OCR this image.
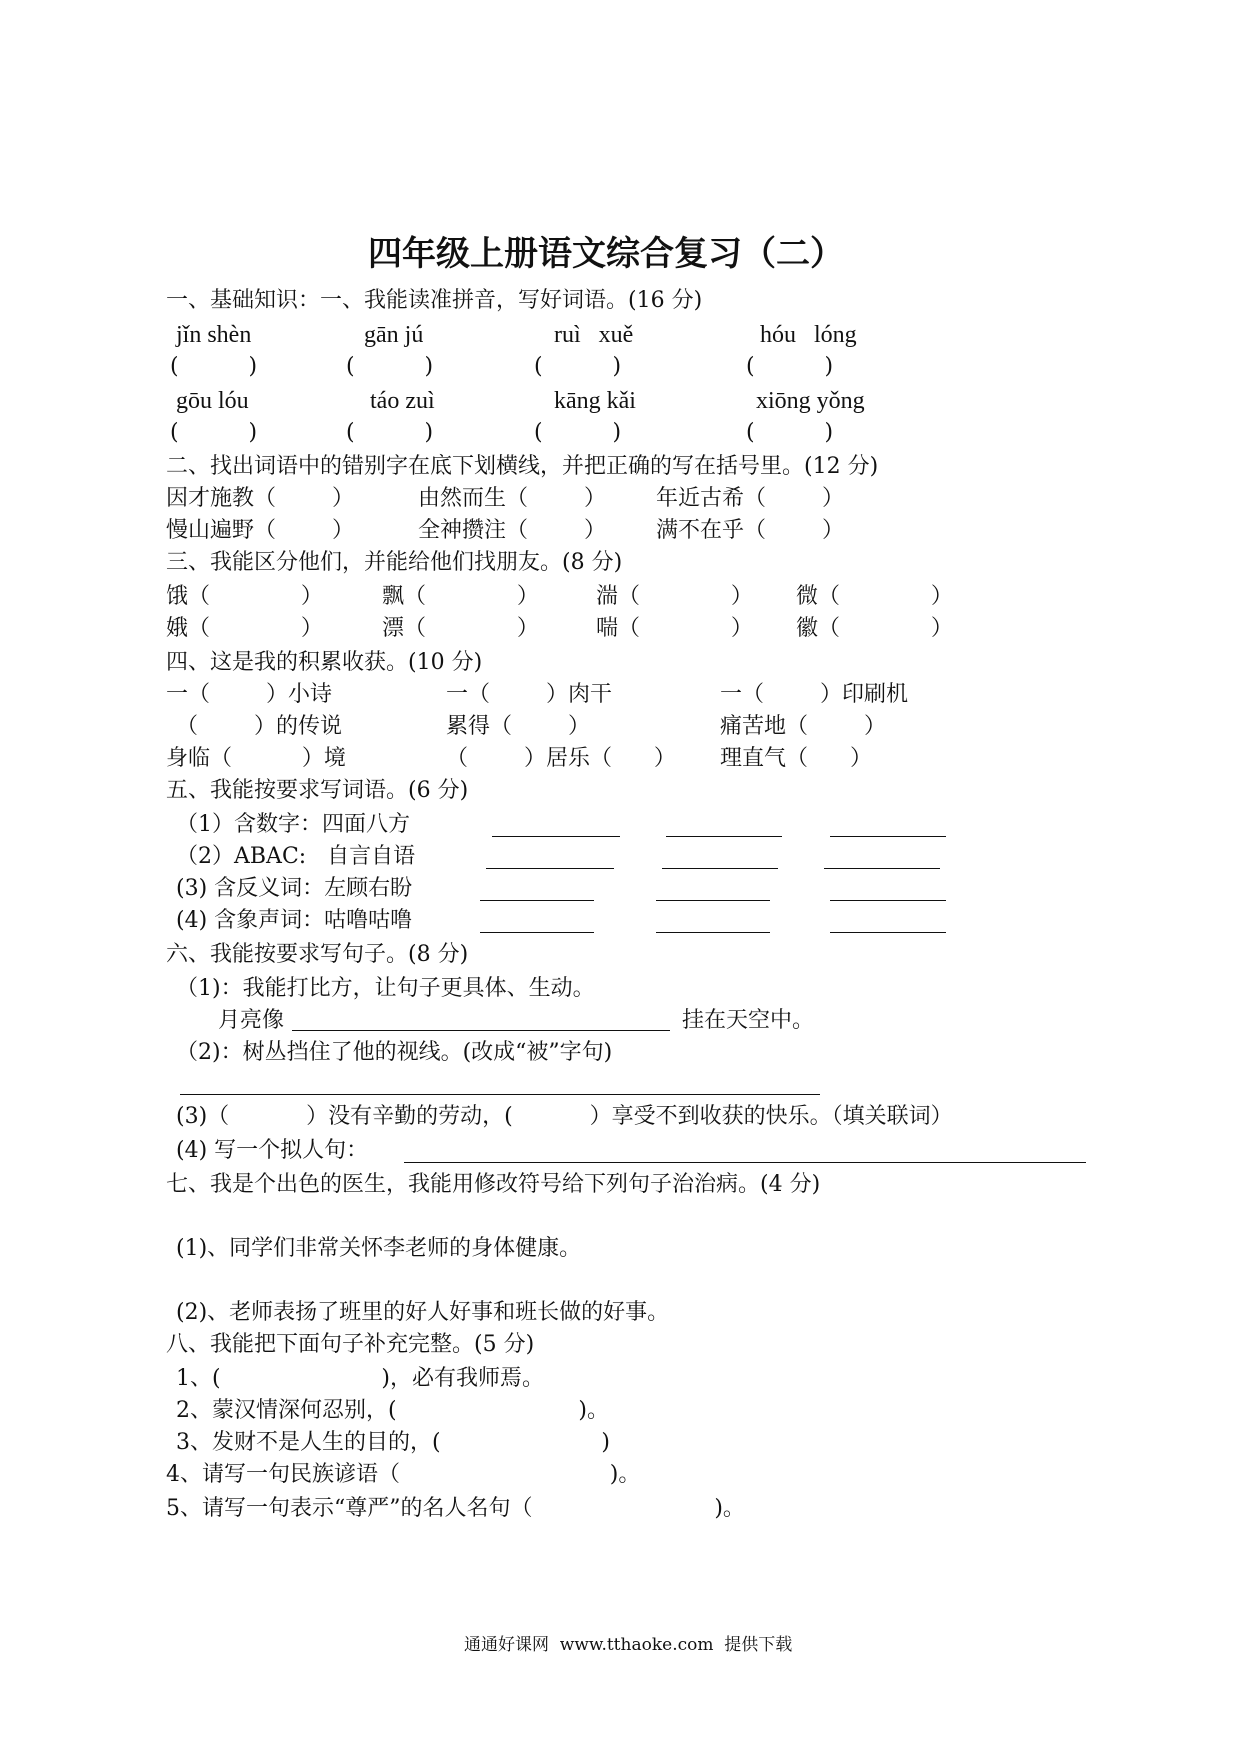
四年级上册语文综合复习（二）
一、基础知识：一、我能读准拼音，写好词语。(16 分)
jǐn shèn	gān jú	ruì   xuě	hóu   lóng
(          )	(          )	(          )	(          )
gōu lóu	táo zuì	kāng kǎi	xiōng yǒng
(          )	(          )	(          )	(          )
二、找出词语中的错别字在底下划横线，并把正确的写在括号里。(12 分)
因才施教（        ）	由然而生（        ） 年近古希（        ）
慢山遍野（        ）	全神攒注（        ） 满不在乎（        ）
三、我能区分他们，并能给他们找朋友。(8 分)
饿（             ）	飘（             ）	湍（             ） 微（             ）
娥（             ）	漂（             ）	喘（             ） 徽（             ）
四、这是我的积累收获。(10 分)
一（        ）小诗	一（        ）肉干	一（        ）印刷机
（        ）的传说	累得（        ）	痛苦地（        ）
身临（          ）境	（        ）居乐（      ） 理直气（      ）
五、我能按要求写词语。(6 分)
（1）含数字：四面八方
（2）ABAC:   自言自语
(3) 含反义词：左顾右盼
(4) 含象声词：咕噜咕噜
六、我能按要求写句子。(8 分)
（1)：我能打比方，让句子更具体、生动。
月亮像	挂在天空中。
（2)：树丛挡住了他的视线。(改成“被”字句)
(3)（           ）没有辛勤的劳动，(           ）享受不到收获的快乐。（填关联词）
(4) 写一个拟人句：
七、我是个出色的医生，我能用修改符号给下列句子治治病。(4 分)
(1)、同学们非常关怀李老师的身体健康。
(2)、老师表扬了班里的好人好事和班长做的好事。
八、我能把下面句子补充完整。(5 分)
1、(                       )，必有我师焉。
2、蒙汉情深何忍别，(                          )。
3、发财不是人生的目的，(                       )
4、请写一句民族谚语（                              )。
5、请写一句表示“尊严”的名人名句（                          )。
通通好课网  www.tthaoke.com  提供下载
